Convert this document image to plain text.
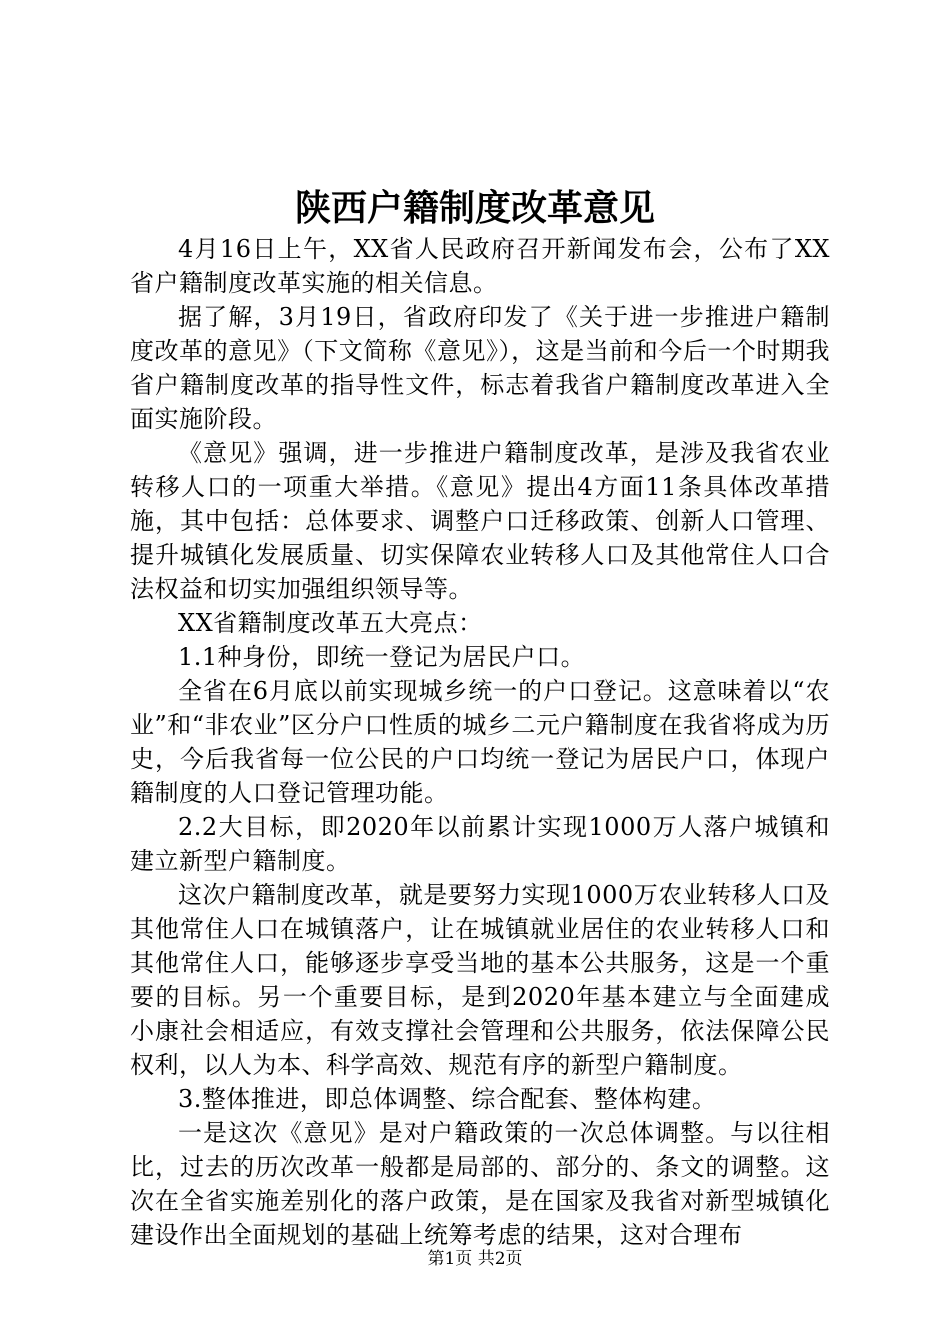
陕西户籍制度改革意见

4月16日上午，XX省人民政府召开新闻发布会，公布了XX省户籍制度改革实施的相关信息。

据了解，3月19日，省政府印发了《关于进一步推进户籍制度改革的意见》（下文简称《意见》），这是当前和今后一个时期我省户籍制度改革的指导性文件，标志着我省户籍制度改革进入全面实施阶段。

《意见》强调，进一步推进户籍制度改革，是涉及我省农业转移人口的一项重大举措。《意见》提出4方面11条具体改革措施，其中包括：总体要求、调整户口迁移政策、创新人口管理、提升城镇化发展质量、切实保障农业转移人口及其他常住人口合法权益和切实加强组织领导等。

XX省籍制度改革五大亮点：

1.1种身份，即统一登记为居民户口。

全省在6月底以前实现城乡统一的户口登记。这意味着以“农业”和“非农业”区分户口性质的城乡二元户籍制度在我省将成为历史，今后我省每一位公民的户口均统一登记为居民户口，体现户籍制度的人口登记管理功能。

2.2大目标，即2020年以前累计实现1000万人落户城镇和建立新型户籍制度。

这次户籍制度改革，就是要努力实现1000万农业转移人口及其他常住人口在城镇落户，让在城镇就业居住的农业转移人口和其他常住人口，能够逐步享受当地的基本公共服务，这是一个重要的目标。另一个重要目标，是到2020年基本建立与全面建成小康社会相适应，有效支撑社会管理和公共服务，依法保障公民权利，以人为本、科学高效、规范有序的新型户籍制度。

3.整体推进，即总体调整、综合配套、整体构建。

一是这次《意见》是对户籍政策的一次总体调整。与以往相比，过去的历次改革一般都是局部的、部分的、条文的调整。这次在全省实施差别化的落户政策，是在国家及我省对新型城镇化建设作出全面规划的基础上统筹考虑的结果，这对合理布

第1页 共2页
